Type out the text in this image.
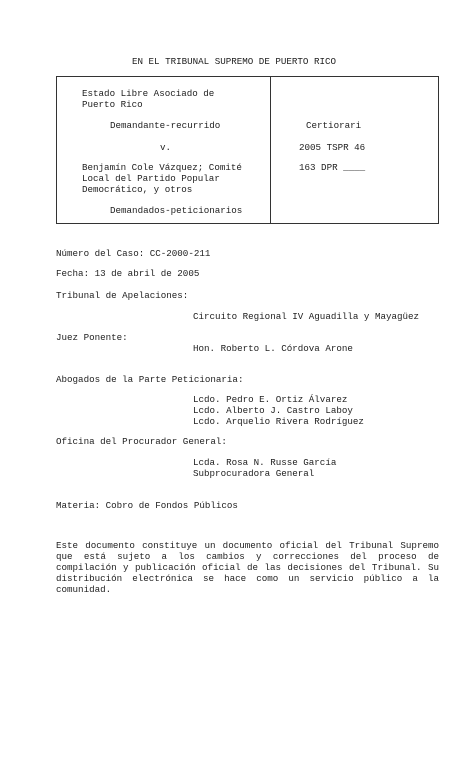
EN EL TRIBUNAL SUPREMO DE PUERTO RICO
Estado Libre Asociado de
Puerto Rico
Demandante-recurrido
v.
Benjamín Cole Vázquez; Comité
Local del Partido Popular
Democrático, y otros
Demandados-peticionarios
Certiorari
2005 TSPR 46
163 DPR ____
Número del Caso: CC-2000-211
Fecha: 13 de abril de 2005
Tribunal de Apelaciones:
Circuito Regional IV Aguadilla y Mayagüez
Juez Ponente:
Hon. Roberto L. Córdova Arone
Abogados de la Parte Peticionaria:
Lcdo. Pedro E. Ortiz Álvarez
Lcdo. Alberto J. Castro Laboy
Lcdo. Arquelio Rivera Rodríguez
Oficina del Procurador General:
Lcda. Rosa N. Russe García
Subprocuradora General
Materia: Cobro de Fondos Públicos
Este documento constituye un documento oficial del Tribunal Supremo que está sujeto a los cambios y correcciones del proceso de compilación y publicación oficial de las decisiones del Tribunal. Su distribución electrónica se hace como un servicio público a la comunidad.
